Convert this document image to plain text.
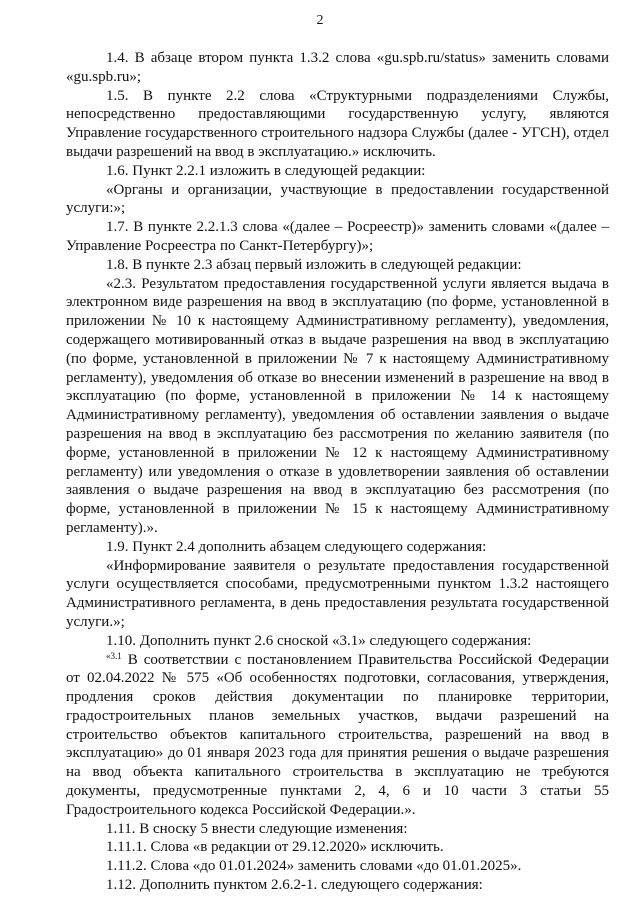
2

1.4. В абзаце втором пункта 1.3.2 слова «gu.spb.ru/status» заменить словами «gu.spb.ru»;

1.5. В пункте 2.2 слова «Структурными подразделениями Службы, непосредственно предоставляющими государственную услугу, являются Управление государственного строительного надзора Службы (далее - УГСН), отдел выдачи разрешений на ввод в эксплуатацию.» исключить.

1.6. Пункт 2.2.1 изложить в следующей редакции:

«Органы и организации, участвующие в предоставлении государственной услуги:»;

1.7. В пункте 2.2.1.3 слова «(далее – Росреестр)» заменить словами «(далее – Управление Росреестра по Санкт-Петербургу)»;

1.8. В пункте 2.3 абзац первый изложить в следующей редакции:

«2.3. Результатом предоставления государственной услуги является выдача в электронном виде разрешения на ввод в эксплуатацию (по форме, установленной в приложении № 10 к настоящему Административному регламенту), уведомления, содержащего мотивированный отказ в выдаче разрешения на ввод в эксплуатацию (по форме, установленной в приложении № 7 к настоящему Административному регламенту), уведомления об отказе во внесении изменений в разрешение на ввод в эксплуатацию (по форме, установленной в приложении № 14 к настоящему Административному регламенту), уведомления об оставлении заявления о выдаче разрешения на ввод в эксплуатацию без рассмотрения по желанию заявителя (по форме, установленной в приложении № 12 к настоящему Административному регламенту) или уведомления о отказе в удовлетворении заявления об оставлении заявления о выдаче разрешения на ввод в эксплуатацию без рассмотрения (по форме, установленной в приложении № 15 к настоящему Административному регламенту).».

1.9. Пункт 2.4 дополнить абзацем следующего содержания:

«Информирование заявителя о результате предоставления государственной услуги осуществляется способами, предусмотренными пунктом 1.3.2 настоящего Административного регламента, в день предоставления результата государственной услуги.»;

1.10. Дополнить пункт 2.6 сноской «3.1» следующего содержания:

$^{«3.1}$ В соответствии с постановлением Правительства Российской Федерации от 02.04.2022 № 575 «Об особенностях подготовки, согласования, утверждения, продления сроков действия документации по планировке территории, градостроительных планов земельных участков, выдачи разрешений на строительство объектов капитального строительства, разрешений на ввод в эксплуатацию» до 01 января 2023 года для принятия решения о выдаче разрешения на ввод объекта капитального строительства в эксплуатацию не требуются документы, предусмотренные пунктами 2, 4, 6 и 10 части 3 статьи 55 Градостроительного кодекса Российской Федерации.».

1.11. В сноску 5 внести следующие изменения:

1.11.1. Слова «в редакции от 29.12.2020» исключить.

1.11.2. Слова «до 01.01.2024» заменить словами «до 01.01.2025».

1.12. Дополнить пунктом 2.6.2-1. следующего содержания:
